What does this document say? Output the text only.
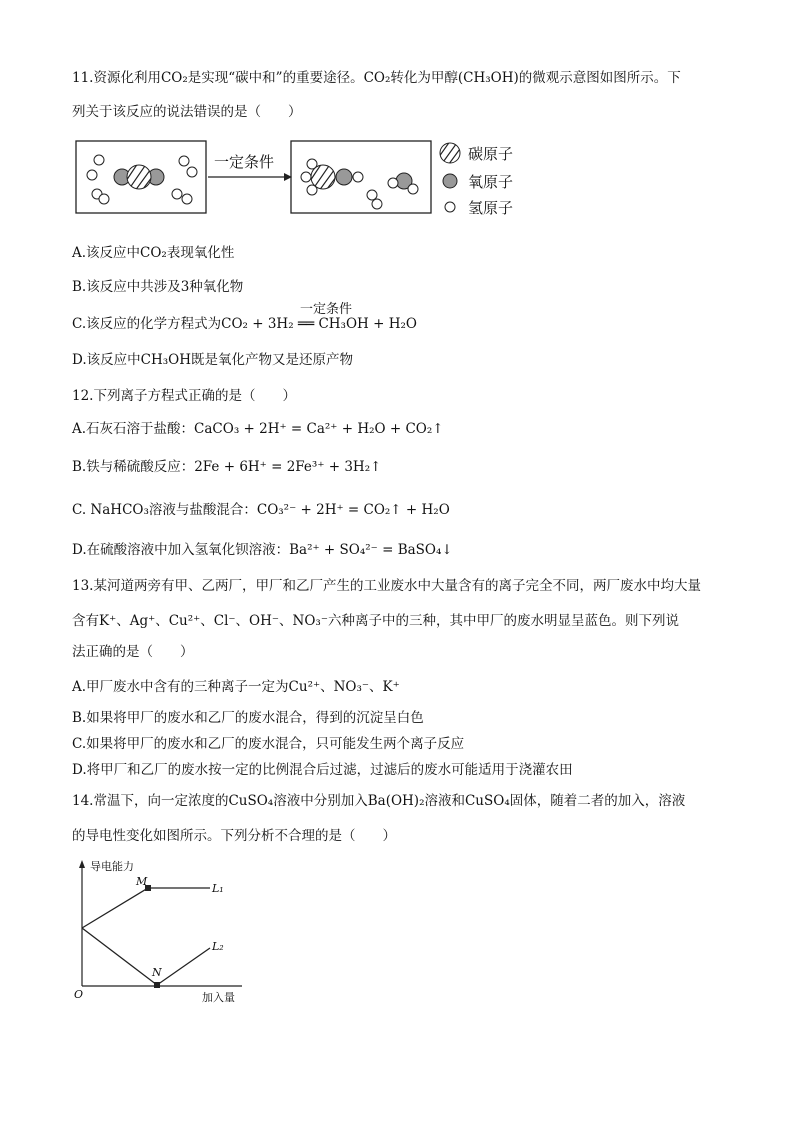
11.资源化利用CO₂是实现“碳中和”的重要途径。CO₂转化为甲醇(CH₃OH)的微观示意图如图所示。下
列关于该反应的说法错误的是（　　）
一定条件	碳原子
氧原子
氢原子
A.该反应中CO₂表现氧化性
B.该反应中共涉及3种氧化物
C.该反应的化学方程式为CO₂ + 3H₂ ══ CH₃OH + H₂O
一定条件
D.该反应中CH₃OH既是氧化产物又是还原产物
12.下列离子方程式正确的是（　　）
A.石灰石溶于盐酸：CaCO₃ + 2H⁺ = Ca²⁺ + H₂O + CO₂↑
B.铁与稀硫酸反应：2Fe + 6H⁺ = 2Fe³⁺ + 3H₂↑
C. NaHCO₃溶液与盐酸混合：CO₃²⁻ + 2H⁺ = CO₂↑ + H₂O
D.在硫酸溶液中加入氢氧化钡溶液：Ba²⁺ + SO₄²⁻ = BaSO₄↓
13.某河道两旁有甲、乙两厂，甲厂和乙厂产生的工业废水中大量含有的离子完全不同，两厂废水中均大量
含有K⁺、Ag⁺、Cu²⁺、Cl⁻、OH⁻、NO₃⁻六种离子中的三种，其中甲厂的废水明显呈蓝色。则下列说
法正确的是（　　）
A.甲厂废水中含有的三种离子一定为Cu²⁺、NO₃⁻、K⁺
B.如果将甲厂的废水和乙厂的废水混合，得到的沉淀呈白色
C.如果将甲厂的废水和乙厂的废水混合，只可能发生两个离子反应
D.将甲厂和乙厂的废水按一定的比例混合后过滤，过滤后的废水可能适用于浇灌农田
14.常温下，向一定浓度的CuSO₄溶液中分别加入Ba(OH)₂溶液和CuSO₄固体，随着二者的加入，溶液
的导电性变化如图所示。下列分析不合理的是（　　）
导电能力
加入量
O
M
L₁
N
L₂
